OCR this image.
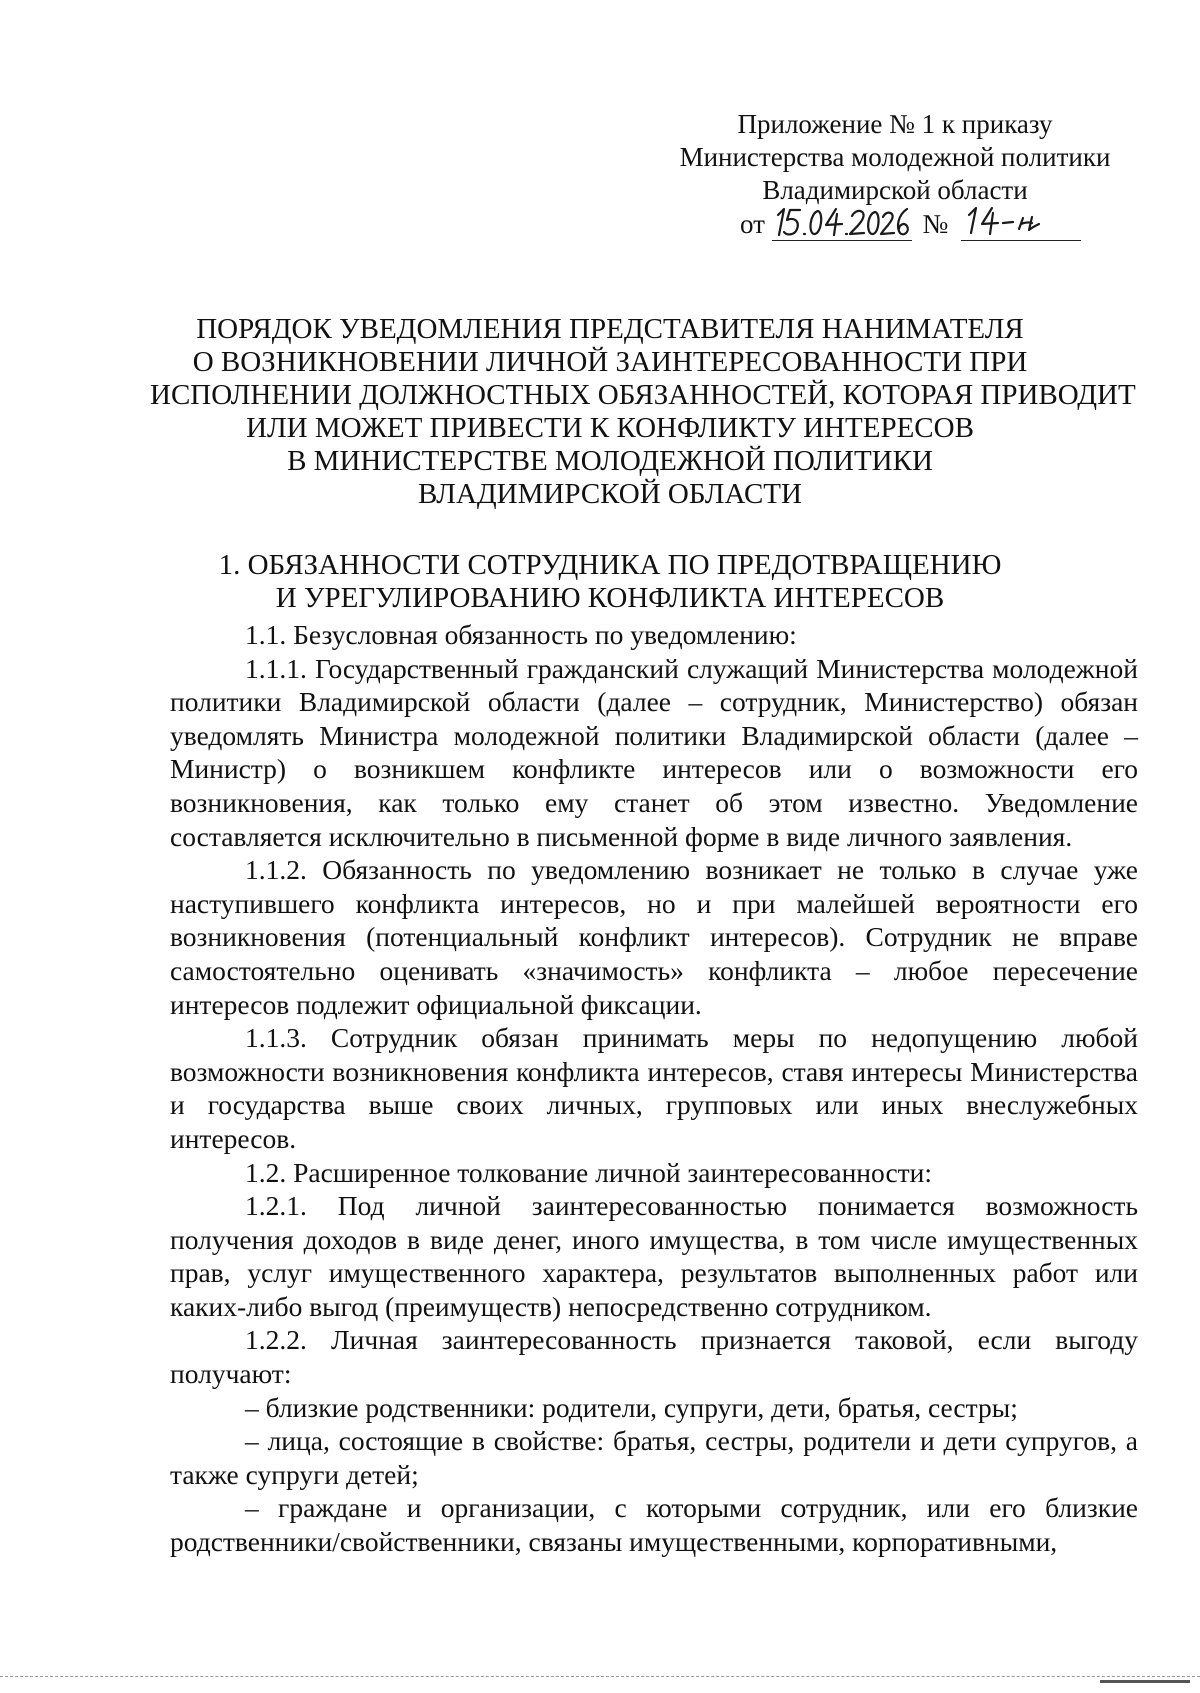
Приложение № 1 к приказу
Министерства молодежной политики
Владимирской области
от	№
ПОРЯДОК УВЕДОМЛЕНИЯ ПРЕДСТАВИТЕЛЯ НАНИМАТЕЛЯ
О ВОЗНИКНОВЕНИИ ЛИЧНОЙ ЗАИНТЕРЕСОВАННОСТИ ПРИ
ИСПОЛНЕНИИ ДОЛЖНОСТНЫХ ОБЯЗАННОСТЕЙ, КОТОРАЯ ПРИВОДИТ
ИЛИ МОЖЕТ ПРИВЕСТИ К КОНФЛИКТУ ИНТЕРЕСОВ
В МИНИСТЕРСТВЕ МОЛОДЕЖНОЙ ПОЛИТИКИ
ВЛАДИМИРСКОЙ ОБЛАСТИ
1. ОБЯЗАННОСТИ СОТРУДНИКА ПО ПРЕДОТВРАЩЕНИЮ
И УРЕГУЛИРОВАНИЮ КОНФЛИКТА ИНТЕРЕСОВ

1.1. Безусловная обязанность по уведомлению:

1.1.1. Государственный гражданский служащий Министерства молодежной политики Владимирской области (далее – сотрудник, Министерство) обязан уведомлять Министра молодежной политики Владимирской области (далее – Министр) о возникшем конфликте интересов или о возможности его возникновения, как только ему станет об этом известно. Уведомление составляется исключительно в письменной форме в виде личного заявления.

1.1.2. Обязанность по уведомлению возникает не только в случае уже наступившего конфликта интересов, но и при малейшей вероятности его возникновения (потенциальный конфликт интересов). Сотрудник не вправе самостоятельно оценивать «значимость» конфликта – любое пересечение интересов подлежит официальной фиксации.

1.1.3. Сотрудник обязан принимать меры по недопущению любой возможности возникновения конфликта интересов, ставя интересы Министерства и государства выше своих личных, групповых или иных внеслужебных интересов.

1.2. Расширенное толкование личной заинтересованности:

1.2.1. Под личной заинтересованностью понимается возможность получения доходов в виде денег, иного имущества, в том числе имущественных прав, услуг имущественного характера, результатов выполненных работ или каких-либо выгод (преимуществ) непосредственно сотрудником.

1.2.2. Личная заинтересованность признается таковой, если выгоду получают:

– близкие родственники: родители, супруги, дети, братья, сестры;

– лица, состоящие в свойстве: братья, сестры, родители и дети супругов, а также супруги детей;

– граждане и организации, с которыми сотрудник, или его близкие родственники/свойственники, связаны имущественными, корпоративными,
